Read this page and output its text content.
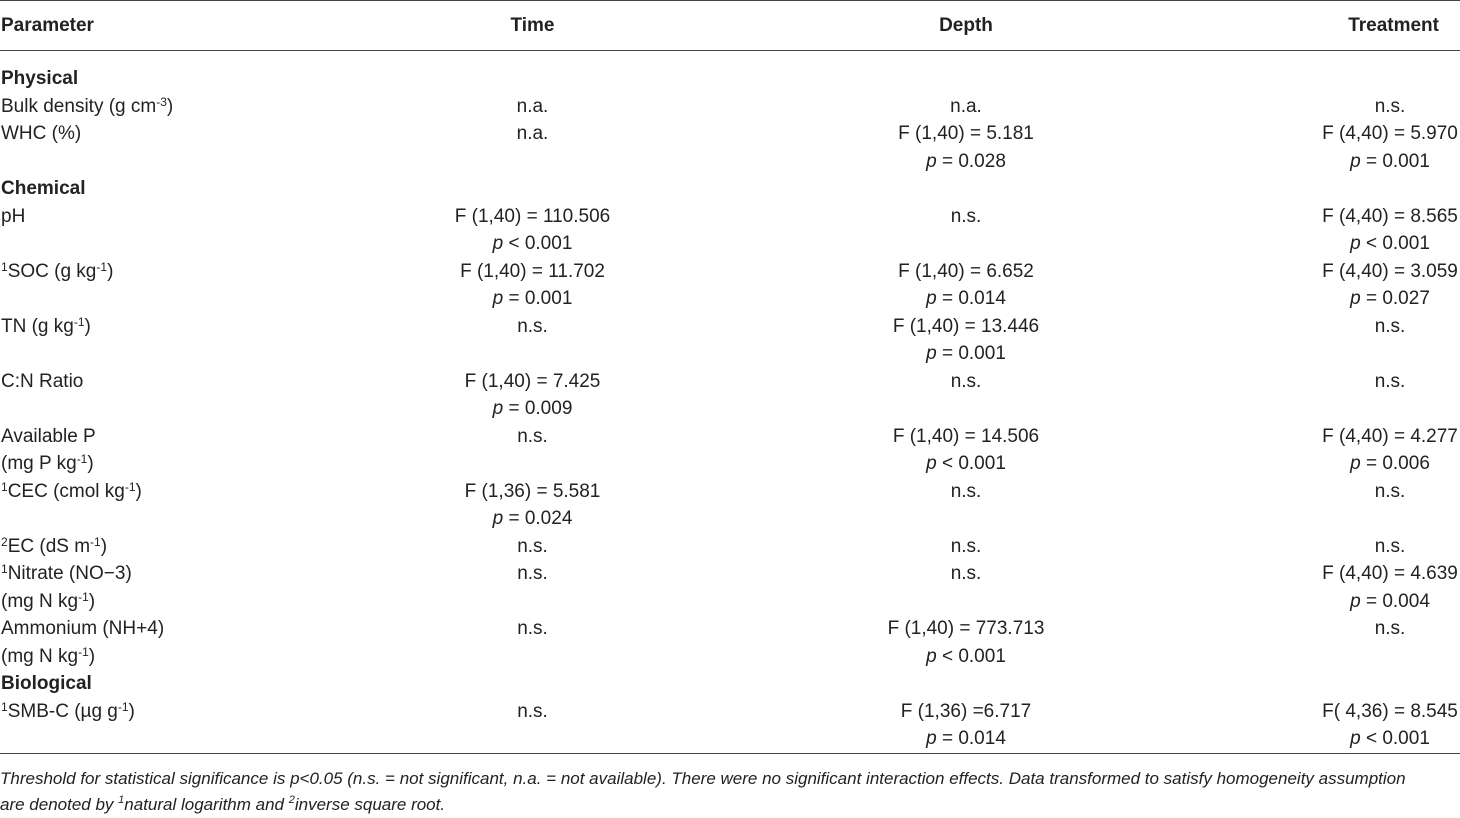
Parameter	Time	Depth	Treatment
Physical			
Bulk density (g $cm^{-3}$)	n.a.	n.a.	n.s.
WHC (%)	n.a.	F (1,40) = 5.181	F (4,40) = 5.970
		p = 0.028	p = 0.001
Chemical			
pH	F (1,40) = 110.506	n.s.	F (4,40) = 8.565
	p < 0.001		p < 0.001
$^1$SOC (g $kg^{-1}$)	F (1,40) = 11.702	F (1,40) = 6.652	F (4,40) = 3.059
	p = 0.001	p = 0.014	p = 0.027
TN (g $kg^{-1}$)	n.s.	F (1,40) = 13.446	n.s.
		p = 0.001	
C:N Ratio	F (1,40) = 7.425	n.s.	n.s.
	p = 0.009		
Available P	n.s.	F (1,40) = 14.506	F (4,40) = 4.277
(mg P $kg^{-1}$)		p < 0.001	p = 0.006
$^1$CEC (cmol $kg^{-1}$)	F (1,36) = 5.581	n.s.	n.s.
	p = 0.024		
$^2$EC (dS $m^{-1}$)	n.s.	n.s.	n.s.
$^1$Nitrate (NO−3)	n.s.	n.s.	F (4,40) = 4.639
(mg N $kg^{-1}$)			p = 0.004
Ammonium (NH+4)	n.s.	F (1,40) = 773.713	n.s.
(mg N $kg^{-1}$)		p < 0.001	
Biological			
$^1$SMB-C (µg $g^{-1}$)	n.s.	F (1,36) =6.717	F( 4,36) = 8.545
		p = 0.014	p < 0.001
Threshold for statistical significance is p<0.05 (n.s. = not significant, n.a. = not available). There were no significant interaction effects. Data transformed to satisfy homogeneity assumption
are denoted by $^1$natural logarithm and $^2$inverse square root.
